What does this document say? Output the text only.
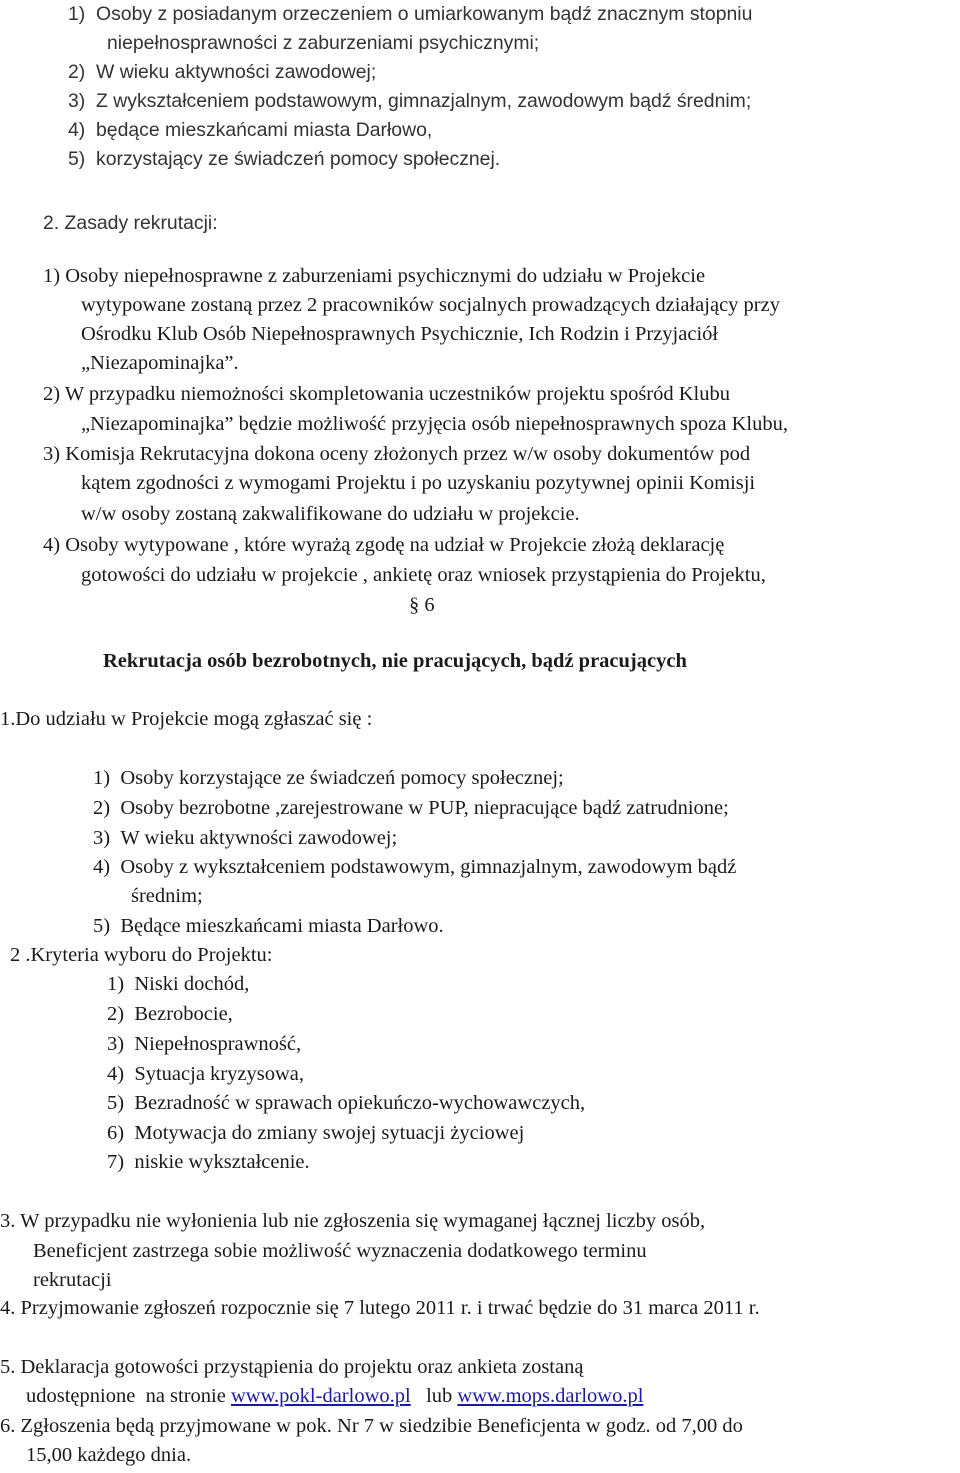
1)  Osoby z posiadanym orzeczeniem o umiarkowanym bądź znacznym stopniu
niepełnosprawności z zaburzeniami psychicznymi;
2)  W wieku aktywności zawodowej;
3)  Z wykształceniem podstawowym, gimnazjalnym, zawodowym bądź średnim;
4)  będące mieszkańcami miasta Darłowo,
5)  korzystający ze świadczeń pomocy społecznej.
2. Zasady rekrutacji:
1) Osoby niepełnosprawne z zaburzeniami psychicznymi do udziału w Projekcie
wytypowane zostaną przez 2 pracowników socjalnych prowadzących działający przy
Ośrodku Klub Osób Niepełnosprawnych Psychicznie, Ich Rodzin i Przyjaciół
„Niezapominajka”.
2) W przypadku niemożności skompletowania uczestników projektu spośród Klubu
„Niezapominajka” będzie możliwość przyjęcia osób niepełnosprawnych spoza Klubu,
3) Komisja Rekrutacyjna dokona oceny złożonych przez w/w osoby dokumentów pod
kątem zgodności z wymogami Projektu i po uzyskaniu pozytywnej opinii Komisji
w/w osoby zostaną zakwalifikowane do udziału w projekcie.
4) Osoby wytypowane , które wyrażą zgodę na udział w Projekcie złożą deklarację
gotowości do udziału w projekcie , ankietę oraz wniosek przystąpienia do Projektu,
§ 6
Rekrutacja osób bezrobotnych, nie pracujących, bądź pracujących
1.Do udziału w Projekcie mogą zgłaszać się :
1)  Osoby korzystające ze świadczeń pomocy społecznej;
2)  Osoby bezrobotne ,zarejestrowane w PUP, niepracujące bądź zatrudnione;
3)  W wieku aktywności zawodowej;
4)  Osoby z wykształceniem podstawowym, gimnazjalnym, zawodowym bądź
średnim;
5)  Będące mieszkańcami miasta Darłowo.
2 .Kryteria wyboru do Projektu:
1)  Niski dochód,
2)  Bezrobocie,
3)  Niepełnosprawność,
4)  Sytuacja kryzysowa,
5)  Bezradność w sprawach opiekuńczo-wychowawczych,
6)  Motywacja do zmiany swojej sytuacji życiowej
7)  niskie wykształcenie.
3. W przypadku nie wyłonienia lub nie zgłoszenia się wymaganej łącznej liczby osób,
Beneficjent zastrzega sobie możliwość wyznaczenia dodatkowego terminu
rekrutacji
4. Przyjmowanie zgłoszeń rozpocznie się 7 lutego 2011 r. i trwać będzie do 31 marca 2011 r.
5. Deklaracja gotowości przystąpienia do projektu oraz ankieta zostaną
udostępnione  na stronie www.pokl-darlowo.pl   lub www.mops.darlowo.pl
6. Zgłoszenia będą przyjmowane w pok. Nr 7 w siedzibie Beneficjenta w godz. od 7,00 do
15,00 każdego dnia.
